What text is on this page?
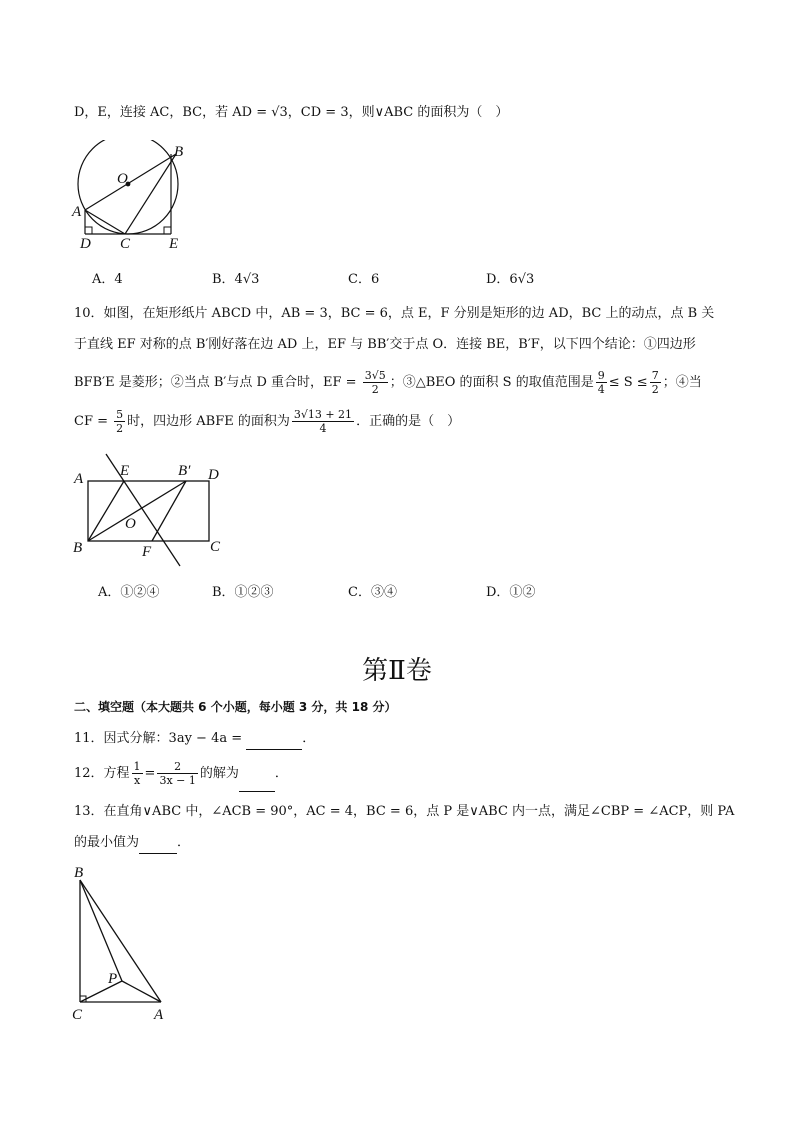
D，E，连接 AC，BC，若 AD = √3，CD = 3，则∨ABC 的面积为（　）
O
B
A
D C	E
A．4	B．4√3	C．6	D．6√3
10．如图，在矩形纸片 ABCD 中，AB = 3，BC = 6，点 E，F 分别是矩形的边 AD，BC 上的动点，点 B 关
于直线 EF 对称的点 B′刚好落在边 AD 上，EF 与 BB′交于点 O．连接 BE，B′F，以下四个结论：①四边形
BFB′E 是菱形；②当点 B′与点 D 重合时，EF = $\frac{3√5}{2}$ ；③△BEO 的面积 S 的取值范围是 $\frac{9}{4} \le S \le \frac{7}{2}$ ；④当
CF = $\frac{5}{2}$ 时，四边形 ABFE 的面积为 $\frac{3√13 + 21}{4}$ ．正确的是（　）
A E	B′ D
O
B	F	C
A．①②④	B．①②③	C．③④	D．①②
第Ⅱ卷
二、填空题（本大题共 6 个小题，每小题 3 分，共 18 分）
11．因式分解：3ay − 4a =	．
12．方程 $\frac{1}{x} = \frac{2}{3x - 1}$ 的解为	．
13．在直角∨ABC 中，∠ACB = 90°，AC = 4，BC = 6，点 P 是∨ABC 内一点，满足∠CBP = ∠ACP，则 PA
的最小值为	．
B
P
C	A
